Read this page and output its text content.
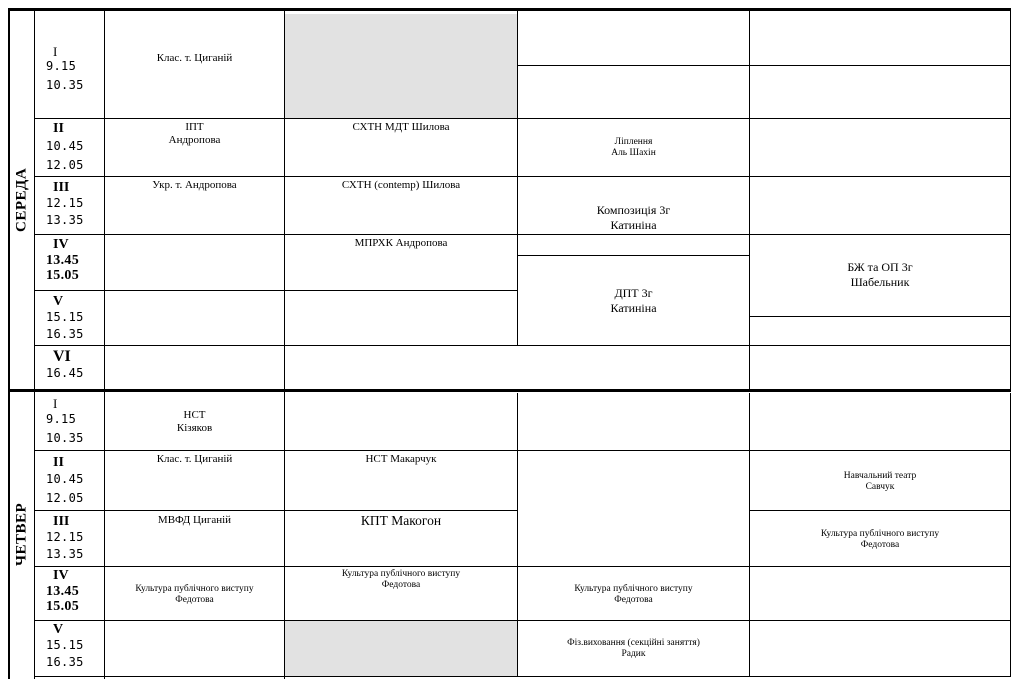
СЕРЕДА
ЧЕТВЕР
I
9.15
10.35
II
10.45
12.05
III
12.15
13.35
IV
13.45
15.05
V
15.15
16.35
VI
16.45
I
9.15
10.35
II
10.45
12.05
III
12.15
13.35
IV
13.45
15.05
V
15.15
16.35
Клас. т. Циганій
ІПТ
Андропова
Укр. т. Андропова
СХТН МДТ Шилова
СХТН (contemp) Шилова
МПРХК Андропова
Ліплення
Аль Шахін
Композиція 3г
Катиніна
ДПТ 3г
Катиніна
БЖ та ОП 3г
Шабельник
НСТ
Кізяков
Клас. т. Циганій
МВФД Циганій
Культура публічного виступу
Федотова
НСТ Макарчук
КПТ Макогон
Культура публічного виступу
Федотова	Культура публічного виступу
Федотова
Фіз.виховання (секційні заняття)
Радик
Навчальний театр
Савчук
Культура публічного виступу
Федотова
